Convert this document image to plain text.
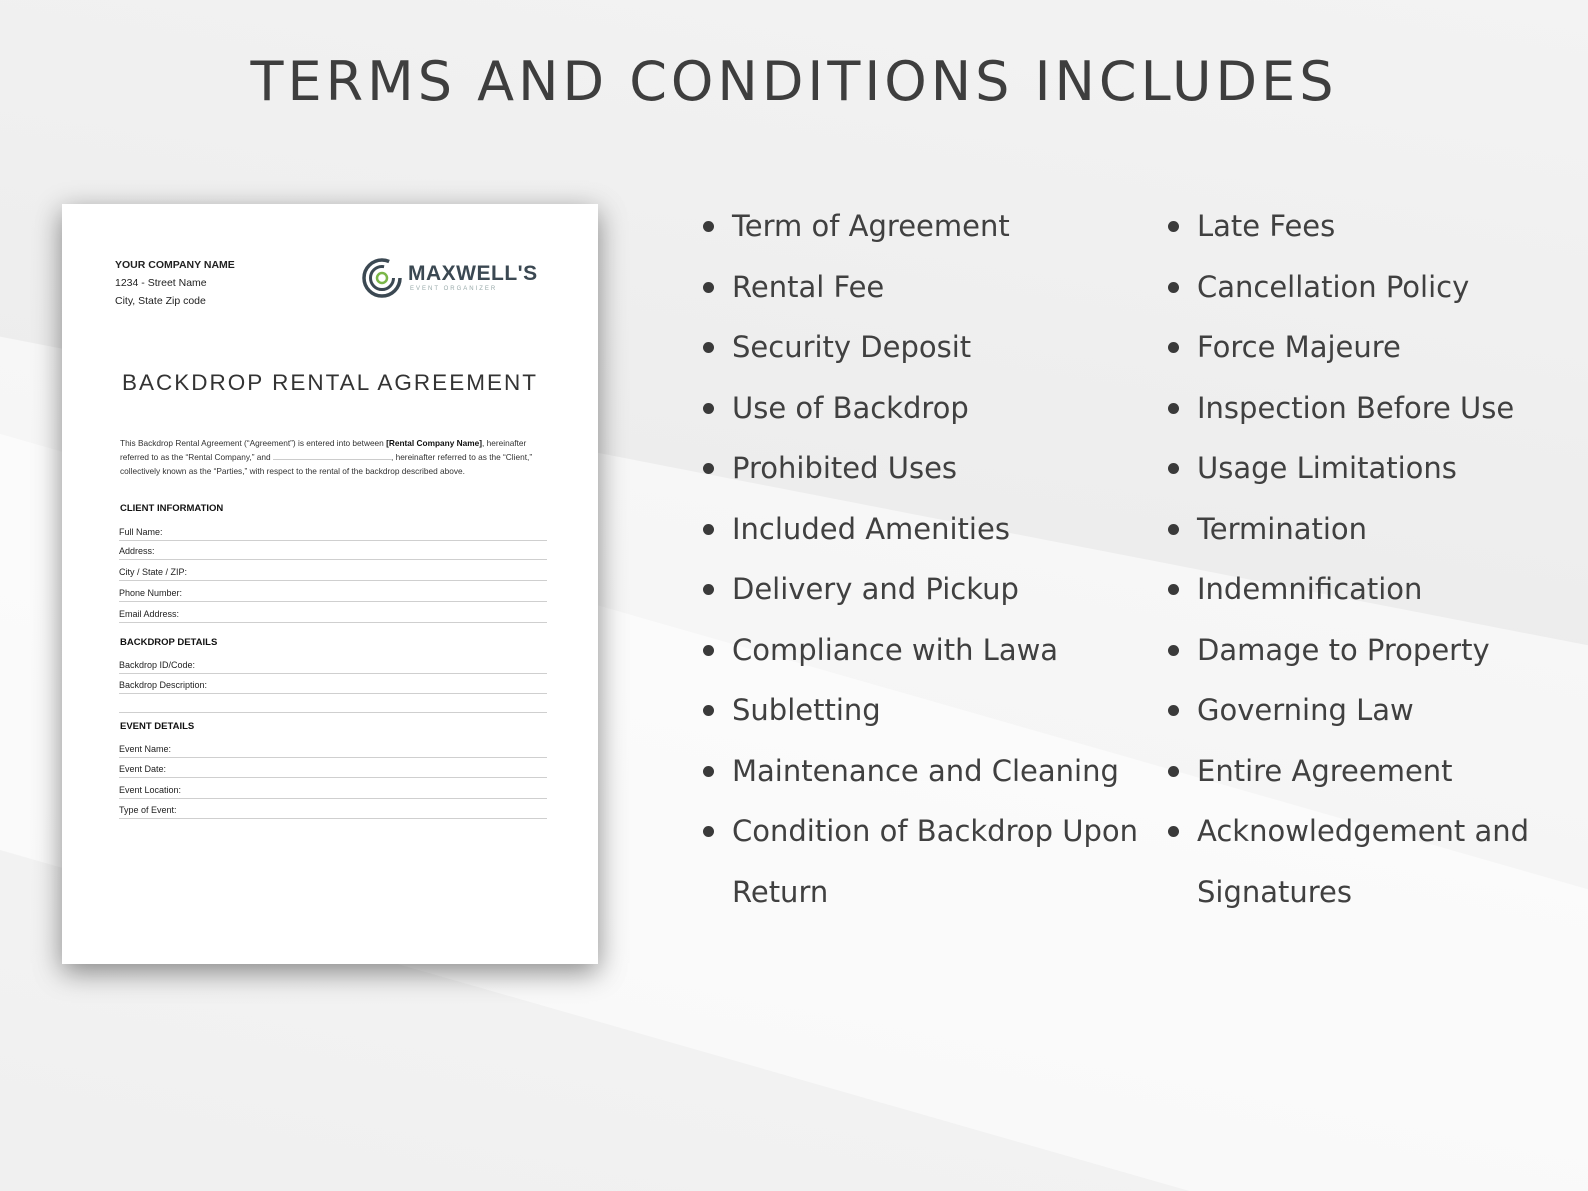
TERMS AND CONDITIONS INCLUDES
YOUR COMPANY NAME
1234 - Street Name
City, State Zip code
MAXWELL'S
EVENT ORGANIZER
BACKDROP RENTAL AGREEMENT
This Backdrop Rental Agreement (“Agreement”) is entered into between [Rental Company Name], hereinafter referred to as the “Rental Company,” and	, hereinafter referred to as the “Client,” collectively known as the “Parties,” with respect to the rental of the backdrop described above.
CLIENT INFORMATION
Full Name:
Address:
City / State / ZIP:
Phone Number:
Email Address:
BACKDROP DETAILS
Backdrop ID/Code:
Backdrop Description:
EVENT DETAILS
Event Name:
Event Date:
Event Location:
Type of Event:
Term of Agreement
Rental Fee
Security Deposit
Use of Backdrop
Prohibited Uses
Included Amenities
Delivery and Pickup
Compliance with Lawa
Subletting
Maintenance and Cleaning
Condition of Backdrop Upon Return
Late Fees
Cancellation Policy
Force Majeure
Inspection Before Use
Usage Limitations
Termination
Indemnification
Damage to Property
Governing Law
Entire Agreement
Acknowledgement and Signatures
